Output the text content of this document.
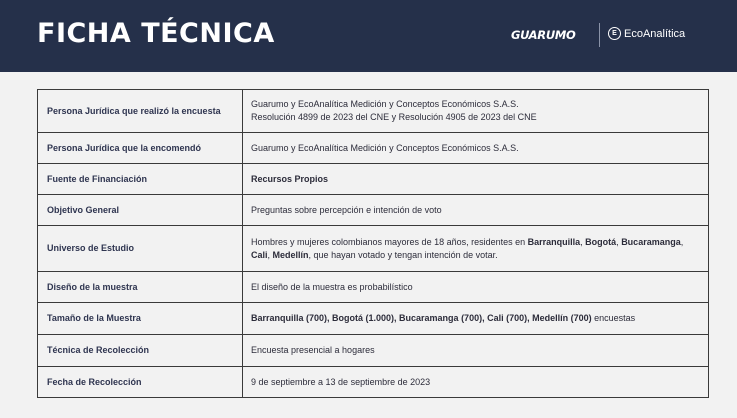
FICHA TÉCNICA	GUARUMO	E EcoAnalítica
Persona Jurídica que realizó la encuesta	Guarumo y EcoAnalítica Medición y Conceptos Económicos S.A.S.
Resolución 4899 de 2023 del CNE y Resolución 4905 de 2023 del CNE
Persona Jurídica que la encomendó	Guarumo y EcoAnalítica Medición y Conceptos Económicos S.A.S.
Fuente de Financiación	Recursos Propios
Objetivo General	Preguntas sobre percepción e intención de voto
Universo de Estudio	Hombres y mujeres colombianos mayores de 18 años, residentes en Barranquilla, Bogotá, Bucaramanga, Cali, Medellín, que hayan votado y tengan intención de votar.
Diseño de la muestra	El diseño de la muestra es probabilístico
Tamaño de la Muestra	Barranquilla (700), Bogotá (1.000), Bucaramanga (700), Cali (700), Medellín (700) encuestas
Técnica de Recolección	Encuesta presencial a hogares
Fecha de Recolección	9 de septiembre a 13 de septiembre de 2023
